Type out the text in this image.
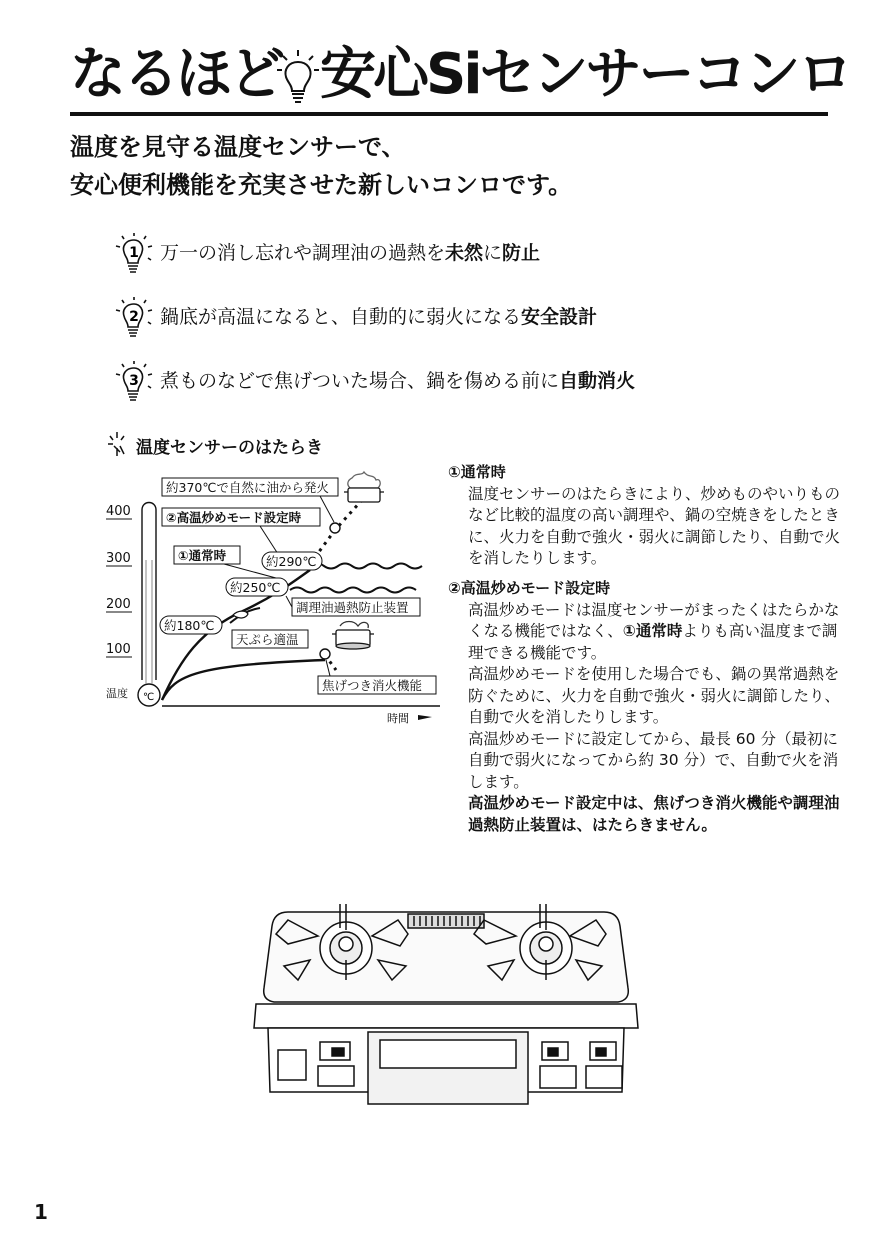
なるほど 安心Siセンサーコンロ
温度を見守る温度センサーで、
安心便利機能を充実させた新しいコンロです。
1 万一の消し忘れや調理油の過熱を未然に防止
2 鍋底が高温になると、自動的に弱火になる安全設計
3 煮ものなどで焦げついた場合、鍋を傷める前に自動消火
温度センサーのはたらき
400
300
200
100
温度 ℃
時間
約370℃で自然に油から発火
②高温炒めモード設定時
①通常時	約290℃
約250℃
調理油過熱防止装置
約180℃
天ぷら適温
焦げつき消火機能
①通常時
温度センサーのはたらきにより、炒めものやいりものなど比較的温度の高い調理や、鍋の空焼きをしたときに、火力を自動で強火・弱火に調節したり、自動で火を消したりします。
②高温炒めモード設定時
高温炒めモードは温度センサーがまったくはたらかなくなる機能ではなく、①通常時よりも高い温度まで調理できる機能です。
高温炒めモードを使用した場合でも、鍋の異常過熱を防ぐために、火力を自動で強火・弱火に調節したり、自動で火を消したりします。
高温炒めモードに設定してから、最長 60 分（最初に自動で弱火になってから約 30 分）で、自動で火を消します。
高温炒めモード設定中は、焦げつき消火機能や調理油過熱防止装置は、はたらきません。
1
